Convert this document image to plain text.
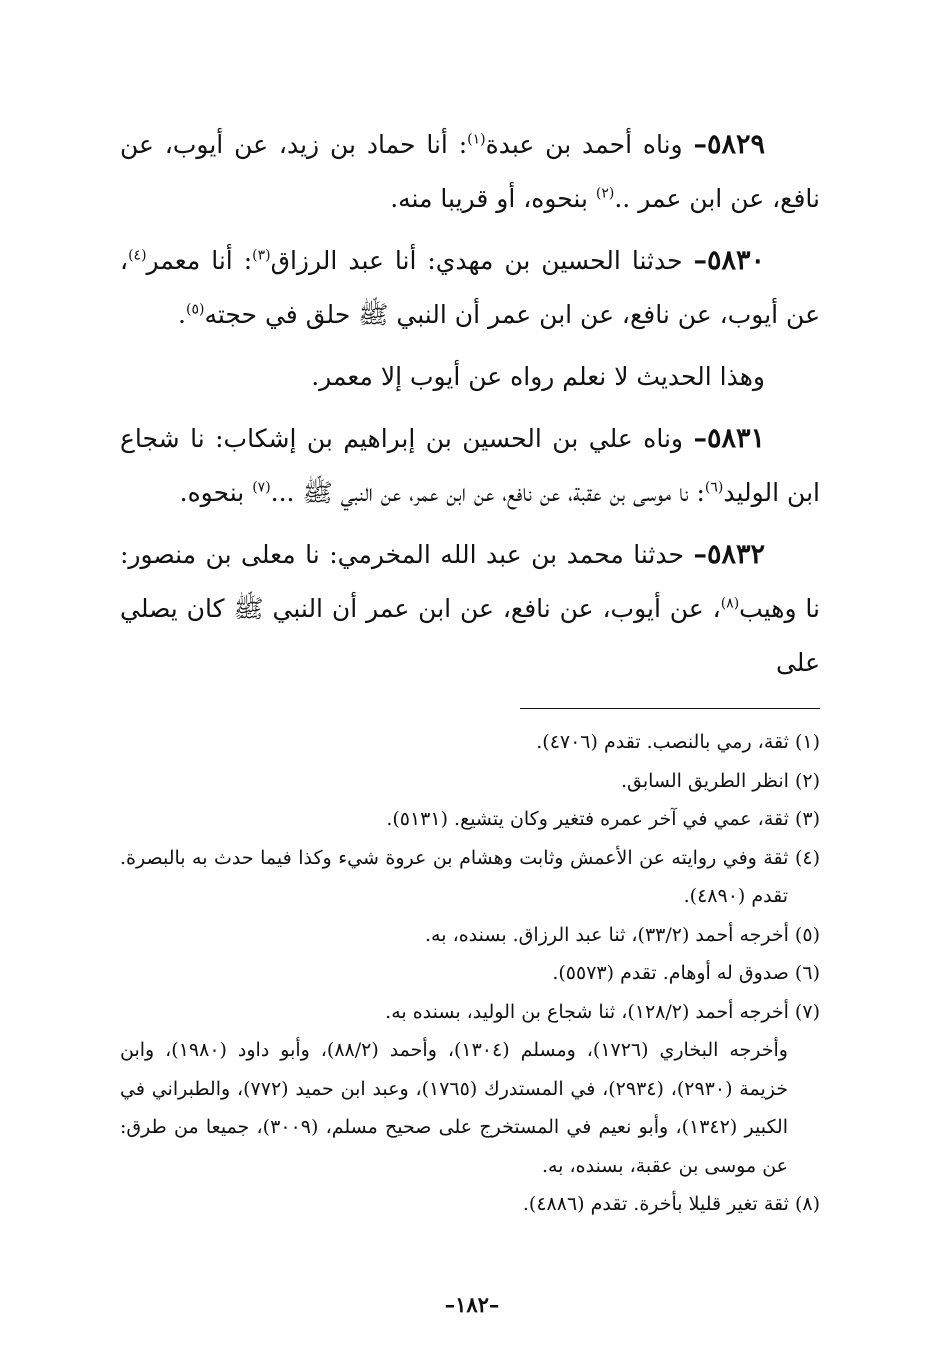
٥٨٢٩– وناه أحمد بن عبدة$^{(١)}$: أنا حماد بن زيد، عن أيوب، عن نافع، عن ابن عمر ..$^{(٢)}$ بنحوه، أو قريبا منه.

٥٨٣٠– حدثنا الحسين بن مهدي: أنا عبد الرزاق$^{(٣)}$: أنا معمر$^{(٤)}$، عن أيوب، عن نافع، عن ابن عمر أن النبي ﷺ حلق في حجته$^{(٥)}$.

وهذا الحديث لا نعلم رواه عن أيوب إلا معمر.

٥٨٣١– وناه علي بن الحسين بن إبراهيم بن إشكاب: نا شجاع ابن الوليد$^{(٦)}$: نا موسى بن عقبة، عن نافع، عن ابن عمر، عن النبي ﷺ ...$^{(٧)}$ بنحوه.

٥٨٣٢– حدثنا محمد بن عبد الله المخرمي: نا معلى بن منصور: نا وهيب$^{(٨)}$، عن أيوب، عن نافع، عن ابن عمر أن النبي ﷺ كان يصلي على

(١) ثقة، رمي بالنصب. تقدم (٤٧٠٦).

(٢) انظر الطريق السابق.

(٣) ثقة، عمي في آخر عمره فتغير وكان يتشيع. (٥١٣١).

(٤) ثقة وفي روايته عن الأعمش وثابت وهشام بن عروة شيء وكذا فيما حدث به بالبصرة. تقدم (٤٨٩٠).

(٥) أخرجه أحمد (٣٣/٢)، ثنا عبد الرزاق. بسنده، به.

(٦) صدوق له أوهام. تقدم (٥٥٧٣).

(٧) أخرجه أحمد (١٢٨/٢)، ثنا شجاع بن الوليد، بسنده به.

وأخرجه البخاري (١٧٢٦)، ومسلم (١٣٠٤)، وأحمد (٨٨/٢)، وأبو داود (١٩٨٠)، وابن خزيمة (٢٩٣٠)، (٢٩٣٤)، في المستدرك (١٧٦٥)، وعبد ابن حميد (٧٧٢)، والطبراني في الكبير (١٣٤٢)، وأبو نعيم في المستخرج على صحيح مسلم، (٣٠٠٩)، جميعا من طرق: عن موسى بن عقبة، بسنده، به.

(٨) ثقة تغير قليلا بأخرة. تقدم (٤٨٨٦).

–١٨٢–
